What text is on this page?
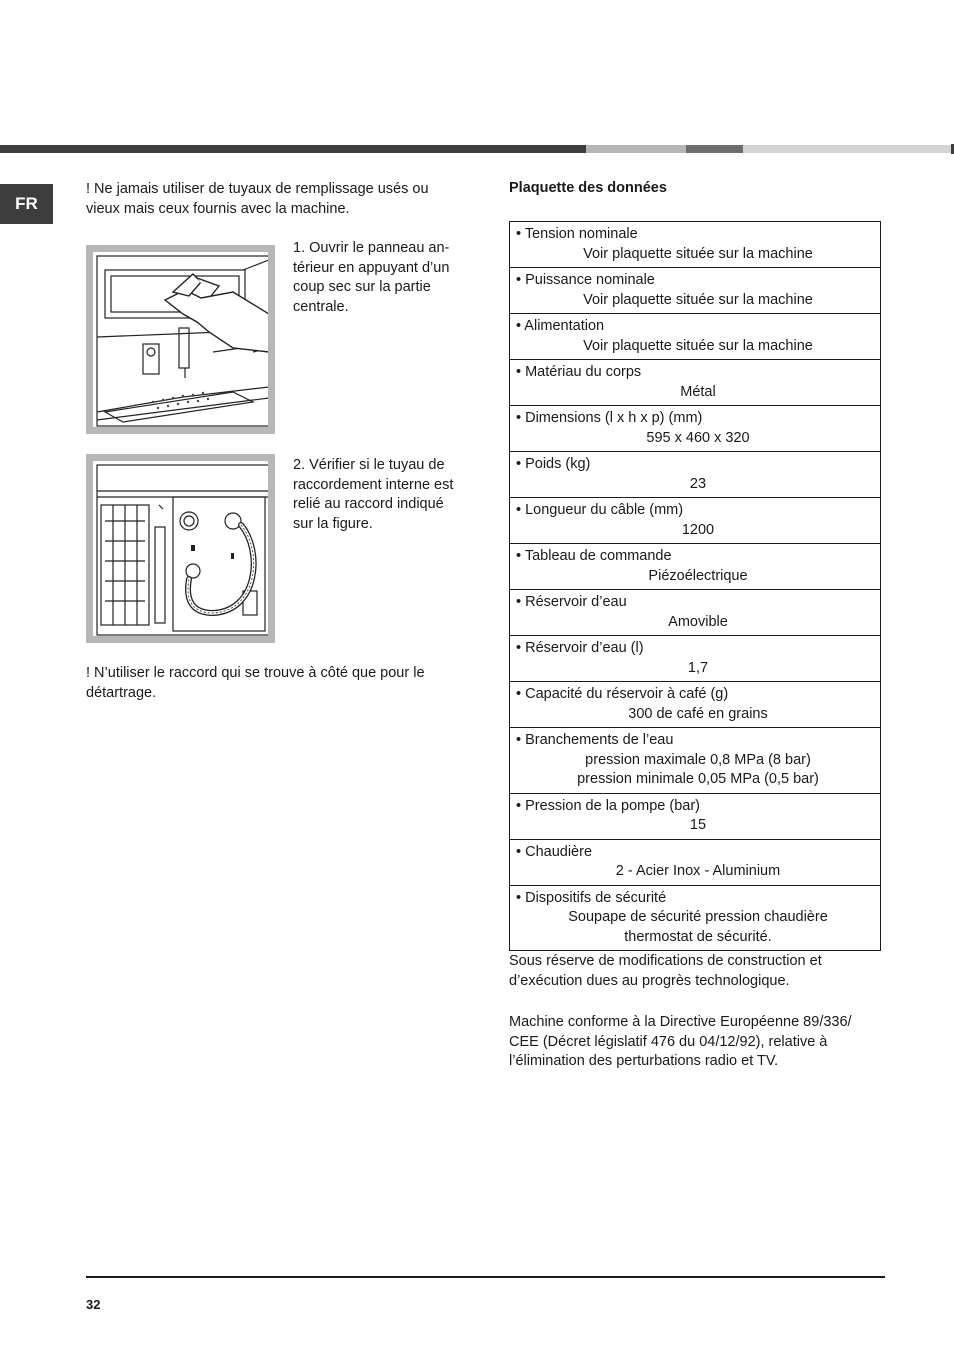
FR

! Ne jamais utiliser de tuyaux de remplissage usés ou vieux mais ceux fournis avec la machine.

1. Ouvrir le panneau an-
térieur en appuyant d’un
coup sec sur la partie
centrale.

2. Vérifier si le tuyau de
raccordement interne est
relié au raccord indiqué
sur la figure.

! N’utiliser le raccord qui se trouve à côté que pour le détartrage.

Plaquette des données
• Tension nominale
Voir plaquette située sur la machine

• Puissance nominale
Voir plaquette située sur la machine

• Alimentation
Voir plaquette située sur la machine

• Matériau du corps
Métal

• Dimensions (l x h x p) (mm)
595 x 460 x 320

• Poids (kg)
23

• Longueur du câble (mm)
1200

• Tableau de commande
Piézoélectrique

• Réservoir d’eau
Amovible

• Réservoir d’eau (l)
1,7

• Capacité du réservoir à café (g)
300 de café en grains

• Branchements de l’eau
pression maximale 0,8 MPa (8 bar)
pression minimale 0,05 MPa (0,5 bar)

• Pression de la pompe (bar)
15

• Chaudière
2 - Acier Inox - Aluminium

• Dispositifs de sécurité
Soupape de sécurité pression chaudière
thermostat de sécurité.

Sous réserve de modifications de construction et d’exécution dues au progrès technologique.

Machine conforme à la Directive Européenne 89/336/ CEE (Décret législatif 476 du 04/12/92), relative à l’élimination des perturbations radio et TV.

32
